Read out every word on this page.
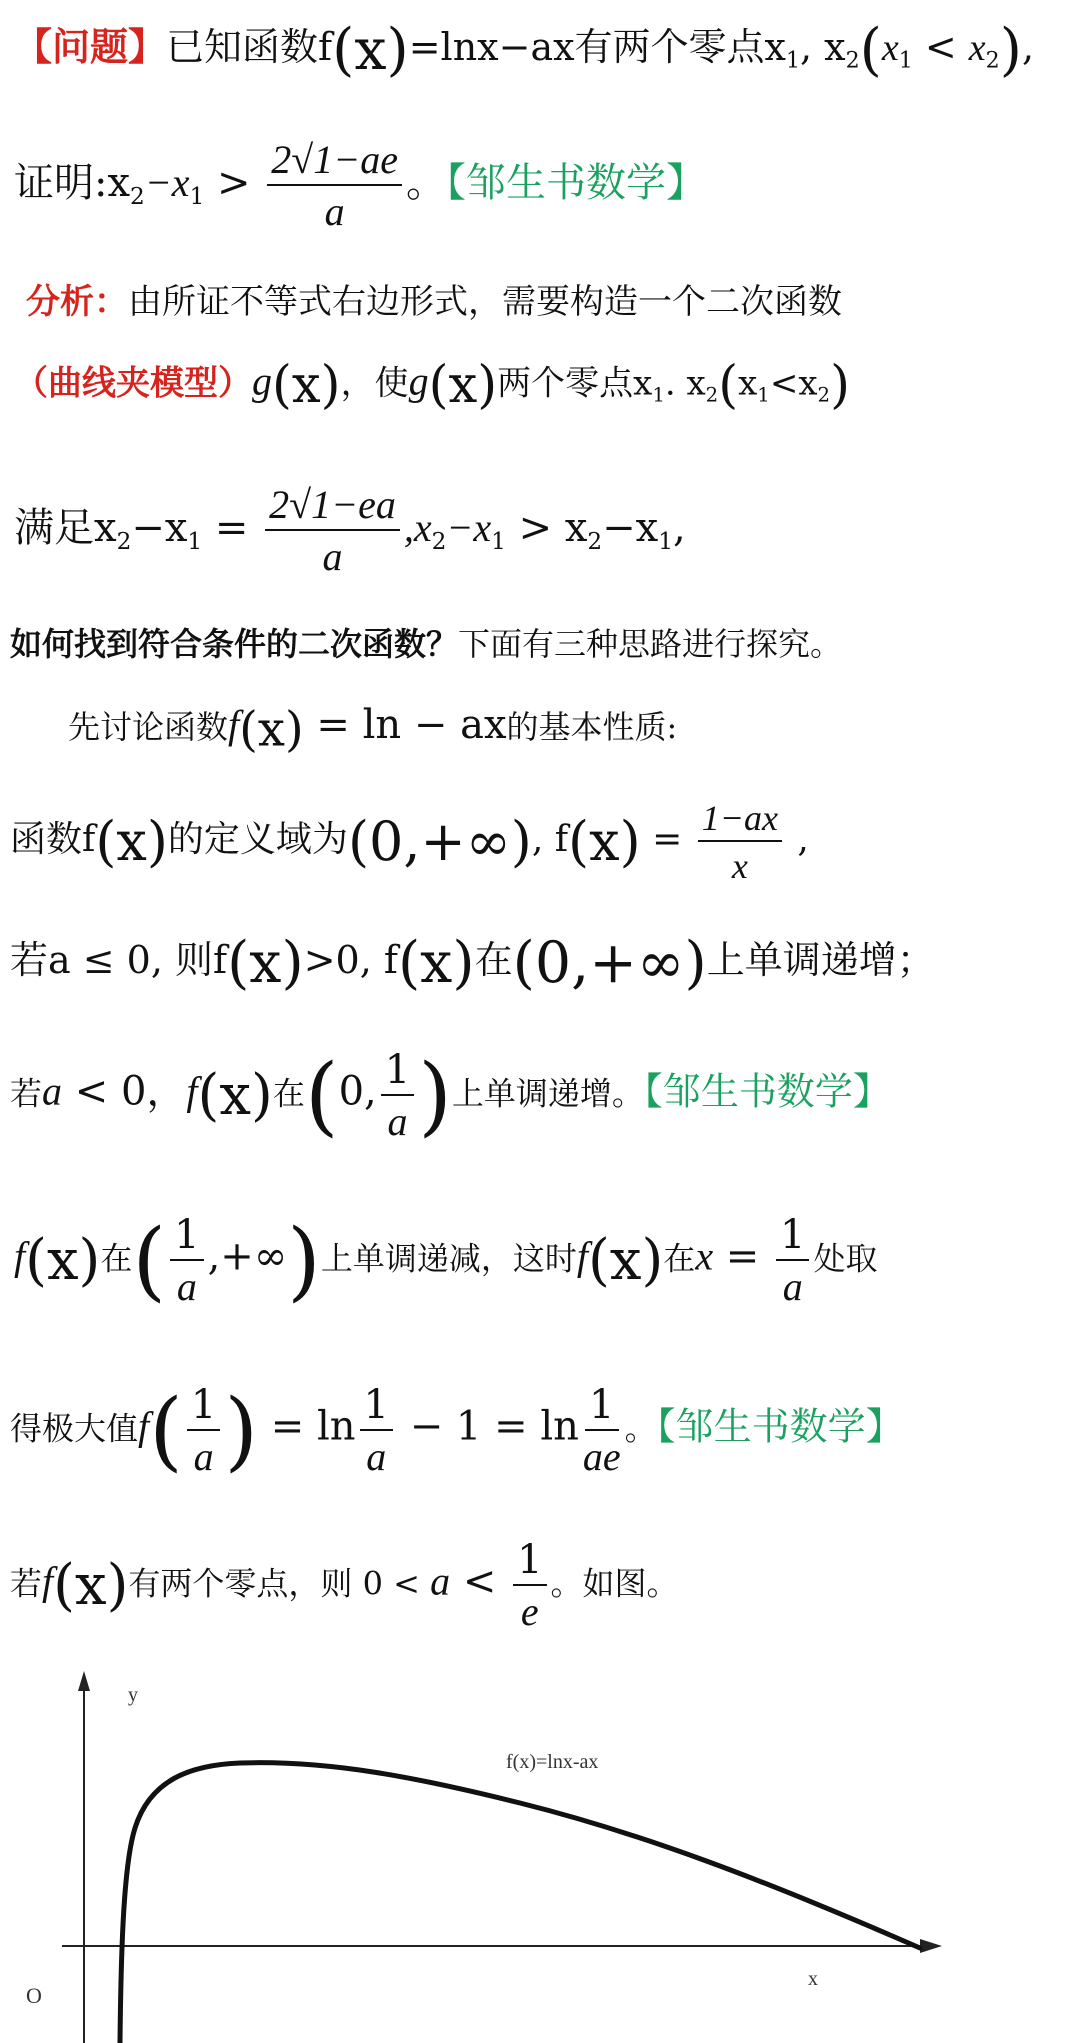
【问题】已知函数f(x)=lnx−ax有两个零点$x_1$, $x_2(x_1 < x_2)$,
证明$:x_2-x_1 > \frac{2√1-ae}{a}$ 。【邹生书数学】
分析：由所证不等式右边形式，需要构造一个二次函数
（曲线夹模型）g(x)，使g(x)两个零点$x_1$. $x_2(x_1<x_2)$
满足$x_2-x_1 = \frac{2√1-ea}{a} ,x_2-x_1 > x_2-x_1$,
如何找到符合条件的二次函数？下面有三种思路进行探究。
先讨论函数f(x) = ln − ax的基本性质:
函数f(x)的定义域为(0,+∞), $f(x) = \frac{1-ax}{x}$ ,
若a ≤ 0, 则f(x)>0, f(x)在(0,+∞)上单调递增；
若a < 0，f(x)在(0, $\frac{1}{a}$ )上单调递增。【邹生书数学】
f(x)在( $\frac{1}{a}$ ,+∞)上单调递减，这时f(x)在$x = \frac{1}{a}$ 处取
得极大值$f( \frac{1}{a}$ ) = $\ln \frac{1}{a} - 1 = \ln \frac{1}{ae}$ 。【邹生书数学】
若f(x)有两个零点，则 $0 < a < \frac{1}{e}$ 。如图。
y
x
O
f(x)=lnx-ax
